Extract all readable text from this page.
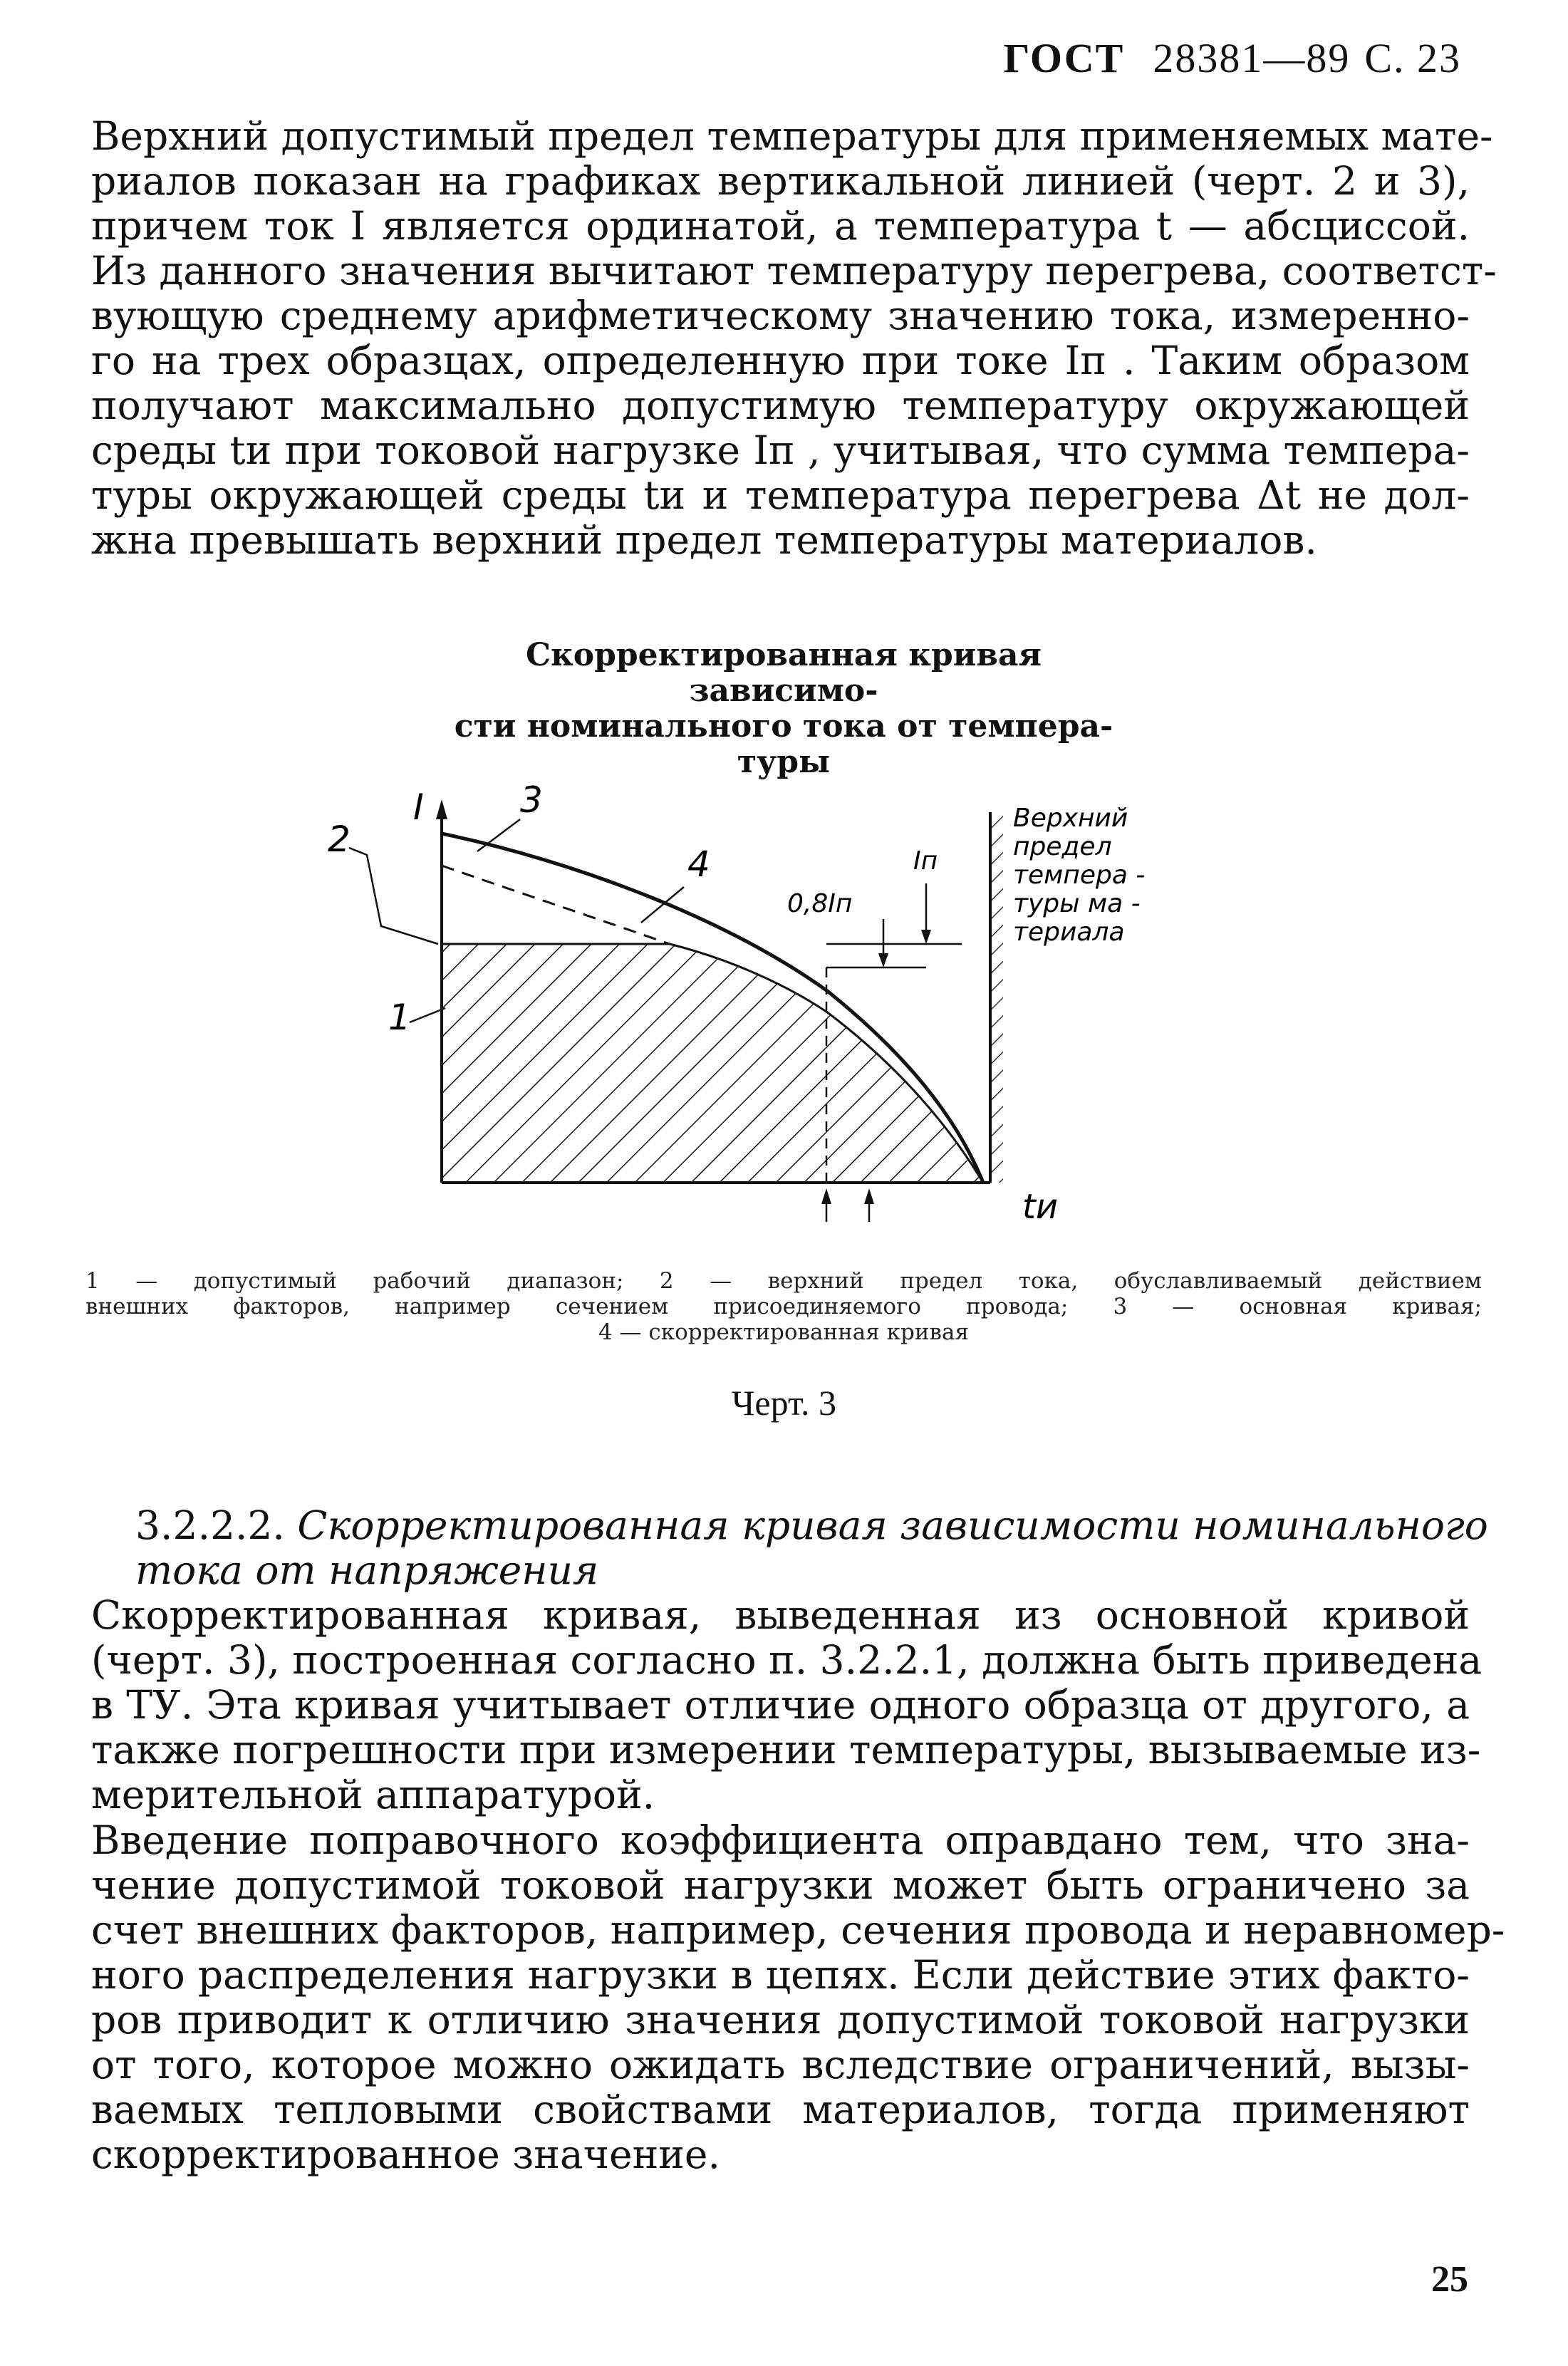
ГОСТ 28381—89 С. 23
Верхний допустимый предел температуры для применяемых мате-
риалов показан на графиках вертикальной линией (черт. 2 и 3),
причем ток I является ординатой, а температура t — абсциссой.
Из данного значения вычитают температуру перегрева, соответст-
вующую среднему арифметическому значению тока, измеренно-
го на трех образцах, определенную при токе Iп . Таким образом
получают максимально допустимую температуру окружающей
среды tи при токовой нагрузке Iп , учитывая, что сумма темпера-
туры окружающей среды tи и температура перегрева Δt не дол-
жна превышать верхний предел температуры материалов.
Скорректированная кривая зависимо-
сти номинального тока от темпера-
туры
I	3
2
4
1
0,8Iп
Iп
tи
Верхний
предел
темпера -
туры ма -
териала
1 — допустимый рабочий диапазон; 2 — верхний предел тока, обуславливаемый действием
внешних факторов, например сечением присоединяемого провода; 3 — основная кривая;
4 — скорректированная кривая
Черт. 3
3.2.2.2. Скорректированная кривая зависимости номинального
тока от напряжения
Скорректированная кривая, выведенная из основной кривой
(черт. 3), построенная согласно п. 3.2.2.1, должна быть приведена
в ТУ. Эта кривая учитывает отличие одного образца от другого, а
также погрешности при измерении температуры, вызываемые из-
мерительной аппаратурой.
Введение поправочного коэффициента оправдано тем, что зна-
чение допустимой токовой нагрузки может быть ограничено за
счет внешних факторов, например, сечения провода и неравномер-
ного распределения нагрузки в цепях. Если действие этих факто-
ров приводит к отличию значения допустимой токовой нагрузки
от того, которое можно ожидать вследствие ограничений, вызы-
ваемых тепловыми свойствами материалов, тогда применяют
скорректированное значение.
25
